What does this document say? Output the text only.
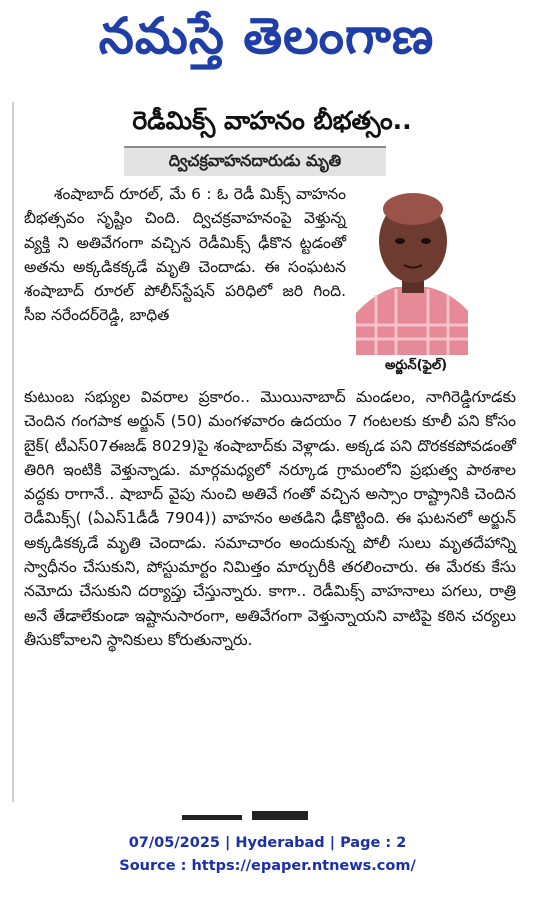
నమస్తే తెలంగాణ
రెడీమిక్స్ వాహనం బీభత్సం..
ద్విచక్రవాహనదారుడు మృతి
అర్జున్(ఫైల్)
శంషాబాద్ రూరల్, మే 6 : ఓ రెడీ మిక్స్ వాహనం బీభత్సవం సృష్టిం చింది. ద్విచక్రవాహనంపై వెళ్తున్న వ్యక్తి ని అతివేగంగా వచ్చిన రెడీమిక్స్ ఢీకొన ట్టడంతో అతను అక్కడికక్కడే మృతి చెందాడు. ఈ సంఘటన శంషాబాద్ రూరల్ పోలీస్‌స్టేషన్ పరిధిలో జరి గింది. సీఐ నరేందర్‌రెడ్డి, బాధిత
కుటుంబ సభ్యుల వివరాల ప్రకారం.. మొయినాబాద్ మండలం, నాగిరెడ్డిగూడకు చెందిన గంగపాక అర్జున్ (50) మంగళవారం ఉదయం 7 గంటలకు కూలీ పని కోసం బైక్( టీఎస్07ఈజడ్ 8029)పై శంషాబాద్‌కు వెళ్లాడు. అక్కడ పని దొరకకపోవడంతో తిరిగి ఇంటికి వెళ్తున్నాడు. మార్గమధ్యలో నర్కూడ గ్రామంలోని ప్రభుత్వ పాఠశాల వద్దకు రాగానే.. షాబాద్ వైపు నుంచి అతివే గంతో వచ్చిన అస్సాం రాష్ట్రానికి చెందిన రెడీమిక్స్( (ఏఎస్1డీడీ 7904)) వాహనం అతడిని ఢీకొట్టింది. ఈ ఘటనలో అర్జున్ అక్కడికక్కడే మృతి చెందాడు. సమాచారం అందుకున్న పోలీ సులు మృతదేహాన్ని స్వాధీనం చేసుకుని, పోస్టుమార్టం నిమిత్తం మార్చురీకి తరలించారు. ఈ మేరకు కేసు నమోదు చేసుకుని దర్యాప్తు చేస్తున్నారు. కాగా.. రెడీమిక్స్ వాహనాలు పగలు, రాత్రి అనే తేడాలేకుండా ఇష్టానుసారంగా, అతివేగంగా వెళ్తున్నాయని వాటిపై కఠిన చర్యలు తీసుకోవాలని స్థానికులు కోరుతున్నారు.
07/05/2025 | Hyderabad | Page : 2
Source : https://epaper.ntnews.com/
